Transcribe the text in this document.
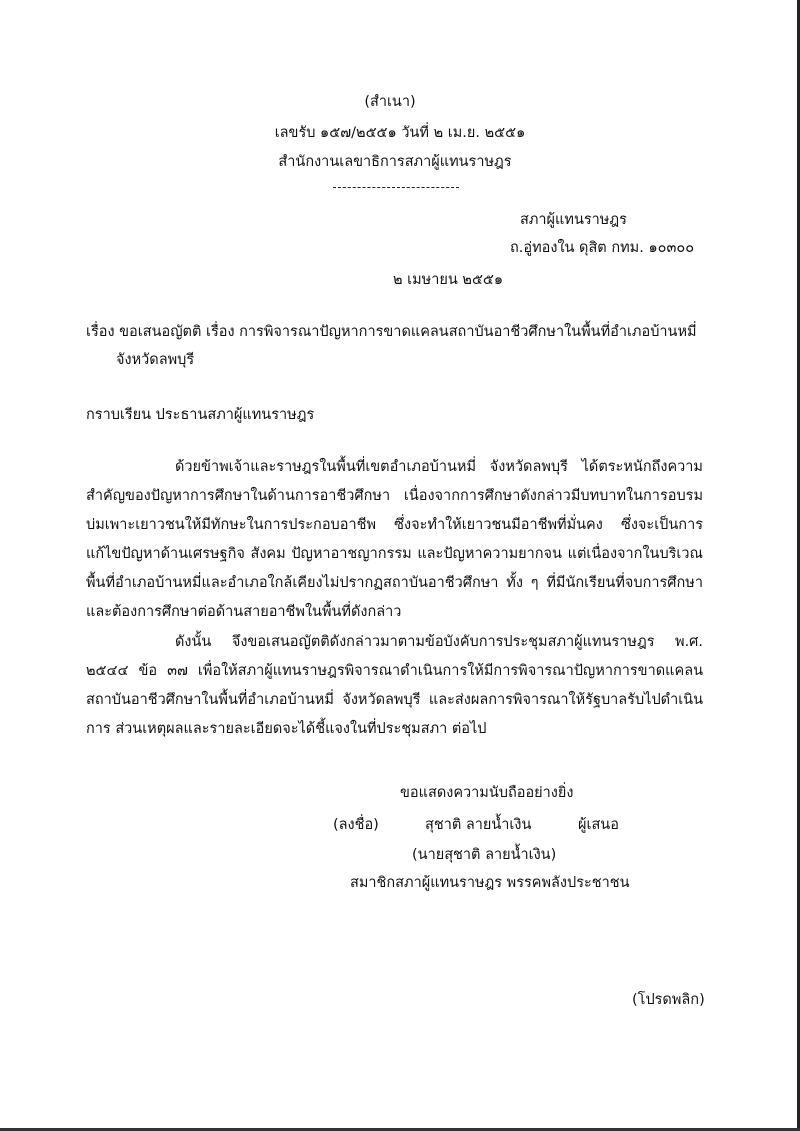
(สำเนา)
เลขรับ ๑๕๗/๒๕๕๑ วันที่ ๒ เม.ย. ๒๕๕๑
สำนักงานเลขาธิการสภาผู้แทนราษฎร
สภาผู้แทนราษฎร
ถ.อู่ทองใน ดุสิต กทม. ๑๐๓๐๐
๒ เมษายน ๒๕๕๑
เรื่อง ขอเสนอญัตติ เรื่อง การพิจารณาปัญหาการขาดแคลนสถาบันอาชีวศึกษาในพื้นที่อำเภอบ้านหมี่
จังหวัดลพบุรี
กราบเรียน ประธานสภาผู้แทนราษฎร
ด้วยข้าพเจ้าและราษฎรในพื้นที่เขตอำเภอบ้านหมี่ จังหวัดลพบุรี ได้ตระหนักถึงความสำคัญของปัญหาการศึกษาในด้านการอาชีวศึกษา เนื่องจากการศึกษาดังกล่าวมีบทบาทในการอบรมบ่มเพาะเยาวชนให้มีทักษะในการประกอบอาชีพ ซึ่งจะทำให้เยาวชนมีอาชีพที่มั่นคง ซึ่งจะเป็นการแก้ไขปัญหาด้านเศรษฐกิจ สังคม ปัญหาอาชญากรรม และปัญหาความยากจน แต่เนื่องจากในบริเวณพื้นที่อำเภอบ้านหมี่และอำเภอใกล้เคียงไม่ปรากฏสถาบันอาชีวศึกษา ทั้ง ๆ ที่มีนักเรียนที่จบการศึกษาและต้องการศึกษาต่อด้านสายอาชีพในพื้นที่ดังกล่าว
ดังนั้น จึงขอเสนอญัตติดังกล่าวมาตามข้อบังคับการประชุมสภาผู้แทนราษฎร พ.ศ. ๒๕๔๔ ข้อ ๓๗ เพื่อให้สภาผู้แทนราษฎรพิจารณาดำเนินการให้มีการพิจารณาปัญหาการขาดแคลนสถาบันอาชีวศึกษาในพื้นที่อำเภอบ้านหมี่ จังหวัดลพบุรี และส่งผลการพิจารณาให้รัฐบาลรับไปดำเนินการ ส่วนเหตุผลและรายละเอียดจะได้ชี้แจงในที่ประชุมสภา ต่อไป
ขอแสดงความนับถืออย่างยิ่ง
(ลงชื่อ)	สุชาติ ลายน้ำเงิน	ผู้เสนอ
(นายสุชาติ ลายน้ำเงิน)
สมาชิกสภาผู้แทนราษฎร พรรคพลังประชาชน
(โปรดพลิก)
